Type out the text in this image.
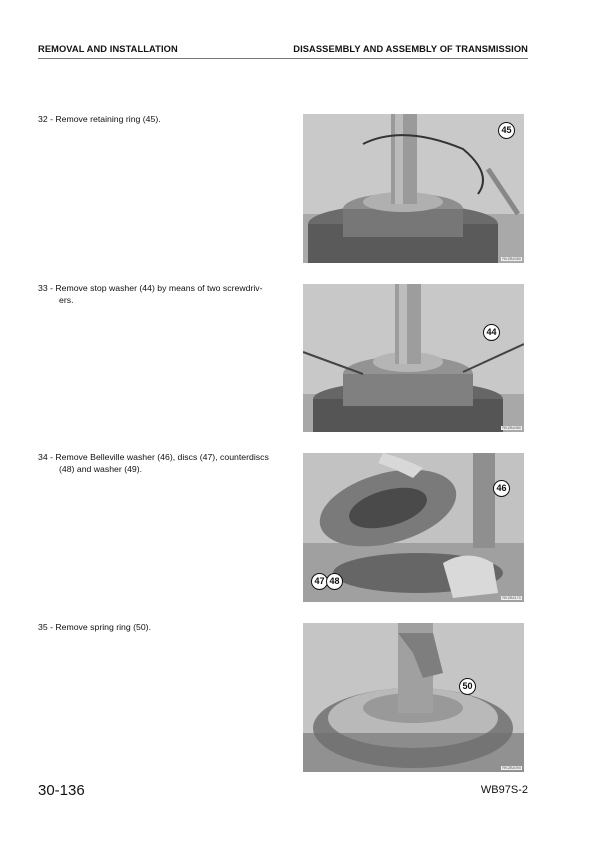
REMOVAL AND INSTALLATION	DISASSEMBLY AND ASSEMBLY OF TRANSMISSION
32 - Remove retaining ring (45).
45
RKZB4080
33 - Remove stop washer (44) by means of two screwdriv-
ers.
44
RKZB4080
34 - Remove Belleville washer (46), discs (47), counterdiscs
(48) and washer (49).
46
47 48
RKZB4170
35 - Remove spring ring (50).
50
RKZB4090
30-136	WB97S-2
